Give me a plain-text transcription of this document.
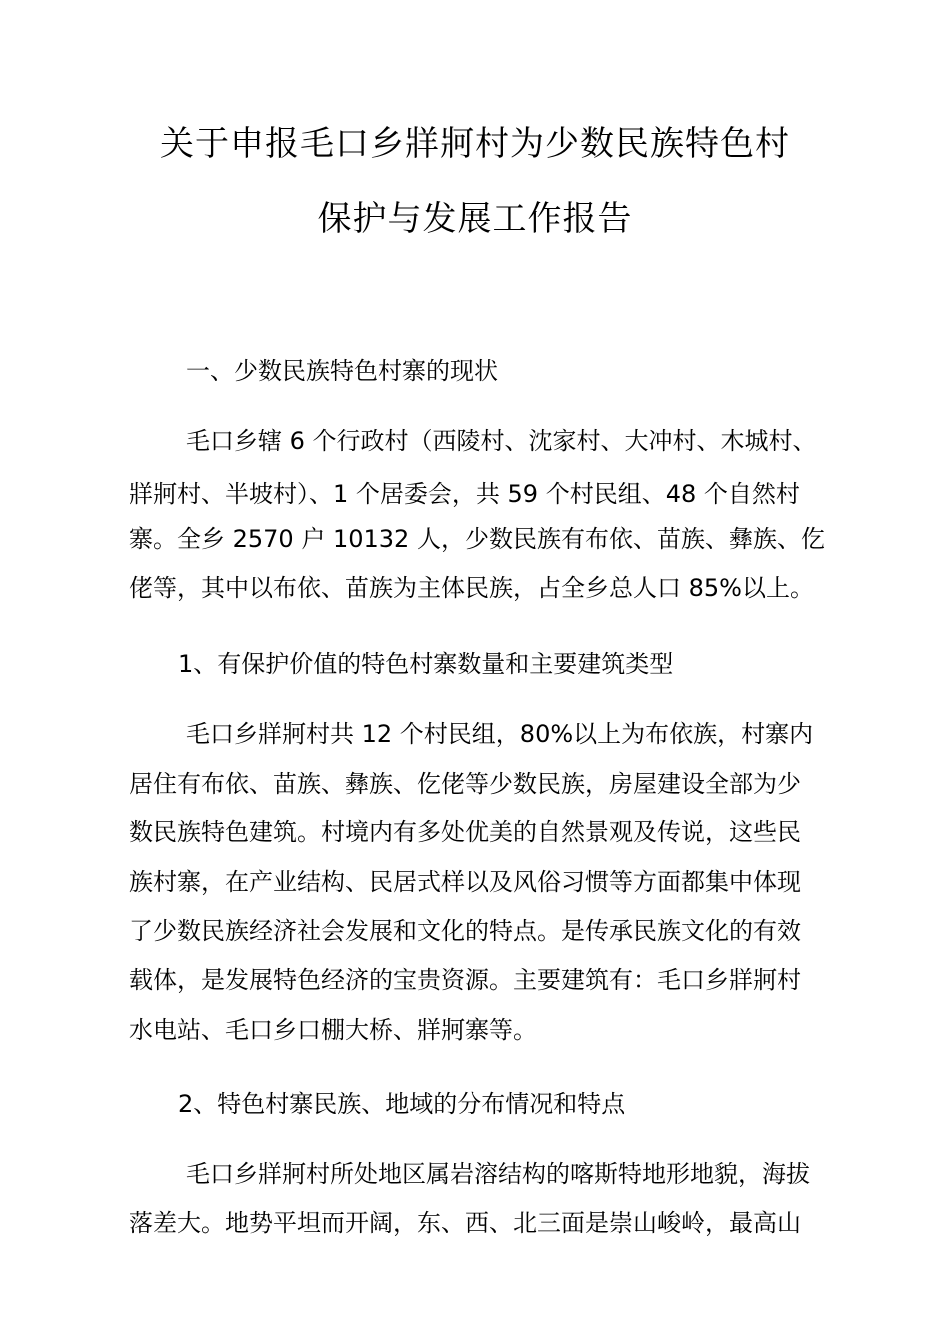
关于申报毛口乡牂牁村为少数民族特色村
保护与发展工作报告
一、少数民族特色村寨的现状
毛口乡辖 6 个行政村（西陵村、沈家村、大冲村、木城村、
牂牁村、半坡村）、1 个居委会，共 59 个村民组、48 个自然村
寨。全乡 2570 户 10132 人，少数民族有布依、苗族、彝族、仡
佬等，其中以布依、苗族为主体民族，占全乡总人口 85%以上。
1、有保护价值的特色村寨数量和主要建筑类型
毛口乡牂牁村共 12 个村民组，80%以上为布依族，村寨内
居住有布依、苗族、彝族、仡佬等少数民族，房屋建设全部为少
数民族特色建筑。村境内有多处优美的自然景观及传说，这些民
族村寨，在产业结构、民居式样以及风俗习惯等方面都集中体现
了少数民族经济社会发展和文化的特点。是传承民族文化的有效
载体，是发展特色经济的宝贵资源。主要建筑有：毛口乡牂牁村
水电站、毛口乡口棚大桥、牂牁寨等。
2、特色村寨民族、地域的分布情况和特点
毛口乡牂牁村所处地区属岩溶结构的喀斯特地形地貌，海拔
落差大。地势平坦而开阔，东、西、北三面是崇山峻岭，最高山
